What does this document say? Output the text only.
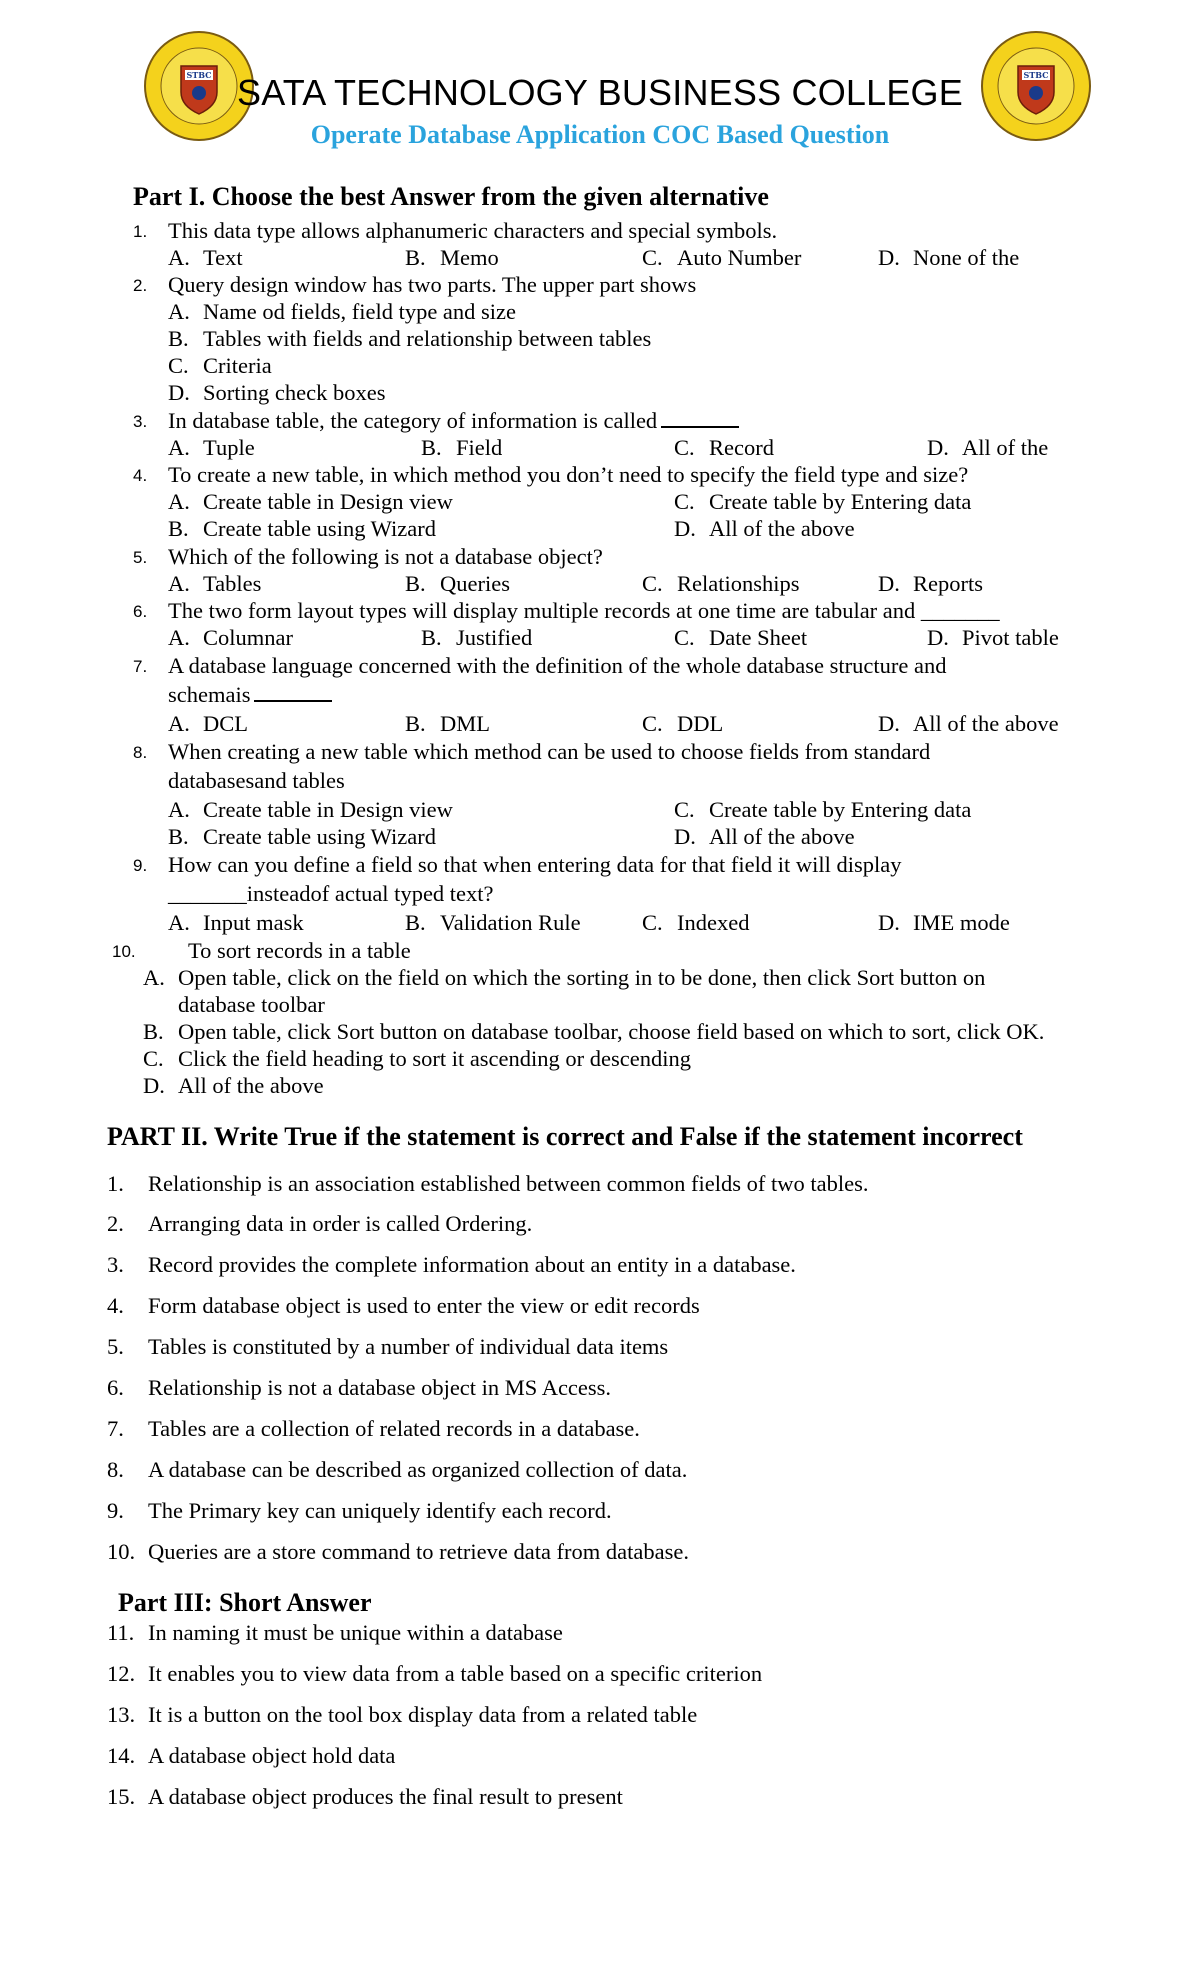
STBC	STBC
SATA TECHNOLOGY BUSINESS COLLEGE
Operate Database Application COC Based Question
Part I. Choose the best Answer from the given alternative
1. This data type allows alphanumeric characters and special symbols.
A. Text	B. Memo	C. Auto Number	D. None of the
2. Query design window has two parts. The upper part shows
A. Name od fields, field type and size
B. Tables with fields and relationship between tables
C. Criteria
D. Sorting check boxes
3. In database table, the category of information is called
A. Tuple	B. Field	C. Record	D. All of the
4. To create a new table, in which method you don’t need to specify the field type and size?
A. Create table in Design view	C. Create table by Entering data
B. Create table using Wizard	D. All of the above
5. Which of the following is not a database object?
A. Tables	B. Queries	C. Relationships	D. Reports
6. The two form layout types will display multiple records at one time are tabular and _______
A. Columnar	B. Justified	C. Date Sheet	D. Pivot table
7. A database language concerned with the definition of the whole database structure and
schemais
A. DCL	B. DML	C. DDL	D. All of the above
8. When creating a new table which method can be used to choose fields from standard
databasesand tables
A. Create table in Design view	C. Create table by Entering data
B. Create table using Wizard	D. All of the above
9. How can you define a field so that when entering data for that field it will display
_______insteadof actual typed text?
A. Input mask	B. Validation Rule	C. Indexed	D. IME mode
10. To sort records in a table
A. Open table, click on the field on which the sorting in to be done, then click Sort button on
database toolbar
B. Open table, click Sort button on database toolbar, choose field based on which to sort, click OK.
C. Click the field heading to sort it ascending or descending
D. All of the above
PART II. Write True if the statement is correct and False if the statement incorrect
1. Relationship is an association established between common fields of two tables.
2. Arranging data in order is called Ordering.
3. Record provides the complete information about an entity in a database.
4. Form database object is used to enter the view or edit records
5. Tables is constituted by a number of individual data items
6. Relationship is not a database object in MS Access.
7. Tables are a collection of related records in a database.
8. A database can be described as organized collection of data.
9. The Primary key can uniquely identify each record.
10. Queries are a store command to retrieve data from database.
Part III: Short Answer
11. In naming it must be unique within a database
12. It enables you to view data from a table based on a specific criterion
13. It is a button on the tool box display data from a related table
14. A database object hold data
15. A database object produces the final result to present
